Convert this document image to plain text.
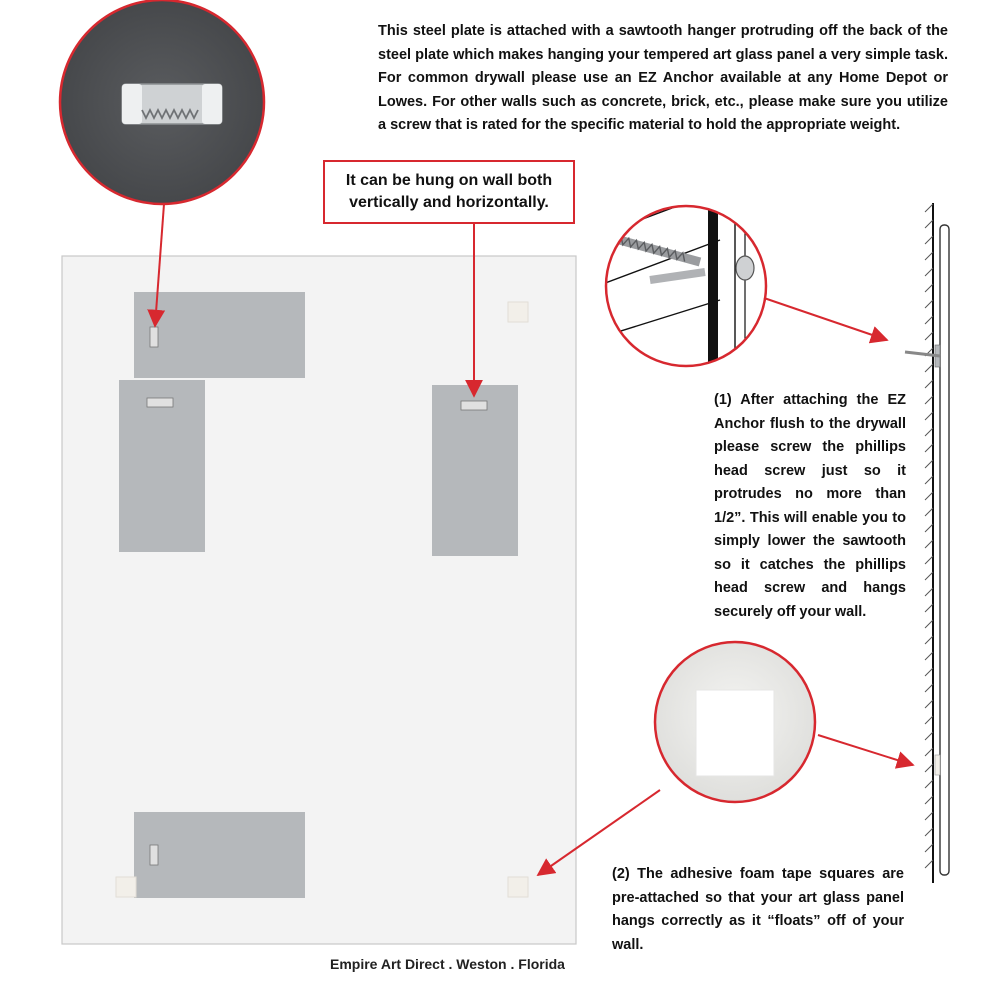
This steel plate is attached with a sawtooth hanger protruding off the back of the steel plate which makes hanging your tempered art glass panel a very simple task. For common drywall please use an EZ Anchor available at any Home Depot or Lowes. For other walls such as concrete, brick, etc., please make sure you utilize a screw that is rated for the specific material to hold the appropriate weight.
It can be hung on wall both vertically and horizontally.
(1) After attaching the EZ Anchor flush to the drywall please screw the phillips head screw just so it protrudes no more than 1/2”. This will enable you to simply lower the sawtooth so it catches the phillips head screw and hangs securely off your wall.
(2) The adhesive foam tape squares are pre-attached so that your art glass panel hangs correctly as it “floats” off of your wall.
Empire Art Direct . Weston . Florida
